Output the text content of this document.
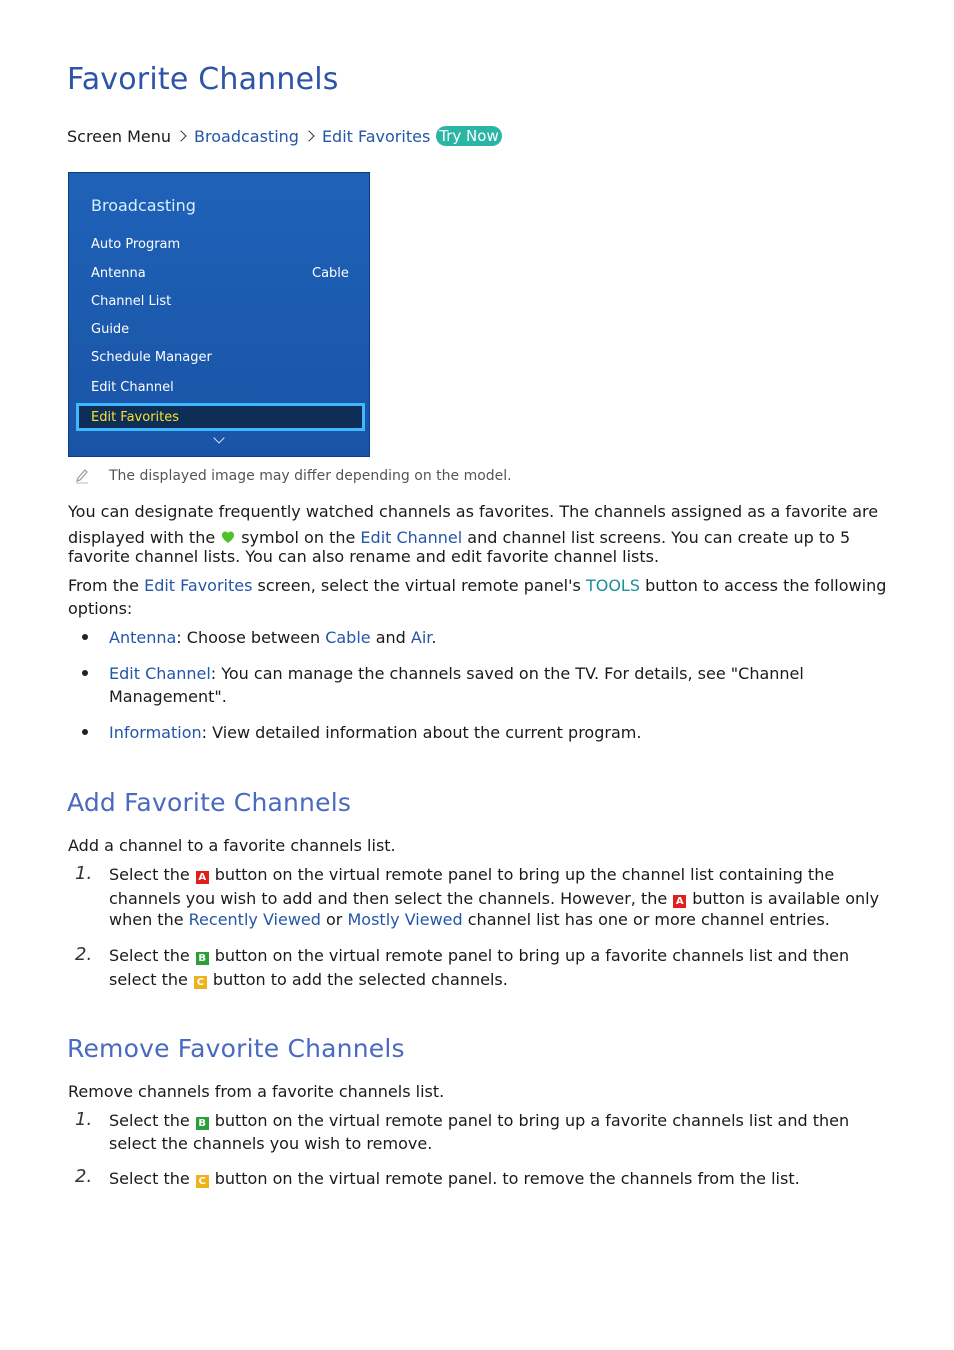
Favorite Channels
Screen Menu Broadcasting Edit Favorites Try Now
Broadcasting
Auto Program
Antenna	Cable
Channel List
Guide
Schedule Manager
Edit Channel
Edit Favorites
The displayed image may differ depending on the model.
You can designate frequently watched channels as favorites. The channels assigned as a favorite are
displayed with the symbol on the Edit Channel and channel list screens. You can create up to 5
favorite channel lists. You can also rename and edit favorite channel lists.
From the Edit Favorites screen, select the virtual remote panel's TOOLS button to access the following
options:
Antenna: Choose between Cable and Air.
Edit Channel: You can manage the channels saved on the TV. For details, see "Channel
Management".
Information: View detailed information about the current program.
Add Favorite Channels
Add a channel to a favorite channels list.
1. Select the A button on the virtual remote panel to bring up the channel list containing the
channels you wish to add and then select the channels. However, the A button is available only
when the Recently Viewed or Mostly Viewed channel list has one or more channel entries.
2. Select the B button on the virtual remote panel to bring up a favorite channels list and then
select the C button to add the selected channels.
Remove Favorite Channels
Remove channels from a favorite channels list.
1. Select the B button on the virtual remote panel to bring up a favorite channels list and then
select the channels you wish to remove.
2. Select the C button on the virtual remote panel. to remove the channels from the list.
